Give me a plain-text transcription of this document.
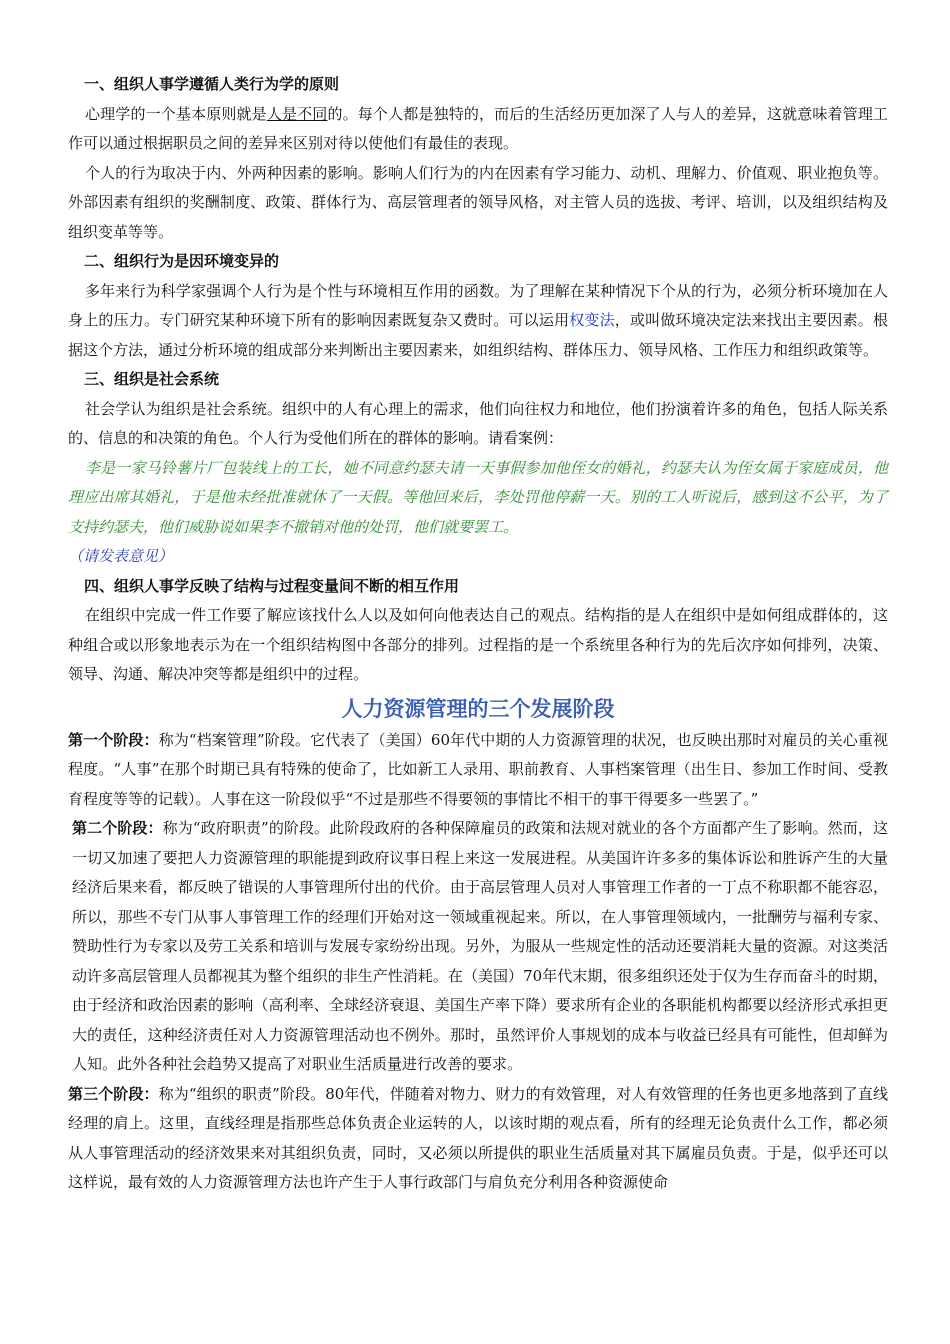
一、组织人事学遵循人类行为学的原则

心理学的一个基本原则就是人是不同的。每个人都是独特的，而后的生活经历更加深了人与人的差异，这就意味着管理工作可以通过根据职员之间的差异来区别对待以使他们有最佳的表现。

个人的行为取决于内、外两种因素的影响。影响人们行为的内在因素有学习能力、动机、理解力、价值观、职业抱负等。外部因素有组织的奖酬制度、政策、群体行为、高层管理者的领导风格，对主管人员的选拔、考评、培训，以及组织结构及组织变革等等。

二、组织行为是因环境变异的

多年来行为科学家强调个人行为是个性与环境相互作用的函数。为了理解在某种情况下个从的行为，必须分析环境加在人身上的压力。专门研究某种环境下所有的影响因素既复杂又费时。可以运用权变法，或叫做环境决定法来找出主要因素。根据这个方法，通过分析环境的组成部分来判断出主要因素来，如组织结构、群体压力、领导风格、工作压力和组织政策等。

三、组织是社会系统

社会学认为组织是社会系统。组织中的人有心理上的需求，他们向往权力和地位，他们扮演着许多的角色，包括人际关系的、信息的和决策的角色。个人行为受他们所在的群体的影响。请看案例：

李是一家马铃薯片厂包装线上的工长，她不同意约瑟夫请一天事假参加他侄女的婚礼，约瑟夫认为侄女属于家庭成员，他理应出席其婚礼，于是他未经批准就休了一天假。等他回来后，李处罚他停薪一天。别的工人听说后，感到这不公平，为了支持约瑟夫，他们威胁说如果李不撤销对他的处罚，他们就要罢工。

（请发表意见）

四、组织人事学反映了结构与过程变量间不断的相互作用

在组织中完成一件工作要了解应该找什么人以及如何向他表达自己的观点。结构指的是人在组织中是如何组成群体的，这种组合或以形象地表示为在一个组织结构图中各部分的排列。过程指的是一个系统里各种行为的先后次序如何排列，决策、领导、沟通、解决冲突等都是组织中的过程。

人力资源管理的三个发展阶段

第一个阶段：称为“档案管理”阶段。它代表了（美国）60年代中期的人力资源管理的状况，也反映出那时对雇员的关心重视程度。“人事”在那个时期已具有特殊的使命了，比如新工人录用、职前教育、人事档案管理（出生日、参加工作时间、受教育程度等等的记载）。人事在这一阶段似乎“不过是那些不得要领的事情比不相干的事干得要多一些罢了。”

第二个阶段：称为“政府职责”的阶段。此阶段政府的各种保障雇员的政策和法规对就业的各个方面都产生了影响。然而，这一切又加速了要把人力资源管理的职能提到政府议事日程上来这一发展进程。从美国许许多多的集体诉讼和胜诉产生的大量经济后果来看，都反映了错误的人事管理所付出的代价。由于高层管理人员对人事管理工作者的一丁点不称职都不能容忍，所以，那些不专门从事人事管理工作的经理们开始对这一领域重视起来。所以，在人事管理领域内，一批酬劳与福利专家、赞助性行为专家以及劳工关系和培训与发展专家纷纷出现。另外，为服从一些规定性的活动还要消耗大量的资源。对这类活动许多高层管理人员都视其为整个组织的非生产性消耗。在（美国）70年代末期，很多组织还处于仅为生存而奋斗的时期，由于经济和政治因素的影响（高利率、全球经济衰退、美国生产率下降）要求所有企业的各职能机构都要以经济形式承担更大的责任，这种经济责任对人力资源管理活动也不例外。那时，虽然评价人事规划的成本与收益已经具有可能性，但却鲜为人知。此外各种社会趋势又提高了对职业生活质量进行改善的要求。

第三个阶段：称为“组织的职责”阶段。80年代，伴随着对物力、财力的有效管理，对人有效管理的任务也更多地落到了直线经理的肩上。这里，直线经理是指那些总体负责企业运转的人，以该时期的观点看，所有的经理无论负责什么工作，都必须从人事管理活动的经济效果来对其组织负责，同时，又必须以所提供的职业生活质量对其下属雇员负责。于是，似乎还可以这样说，最有效的人力资源管理方法也许产生于人事行政部门与肩负充分利用各种资源使命
